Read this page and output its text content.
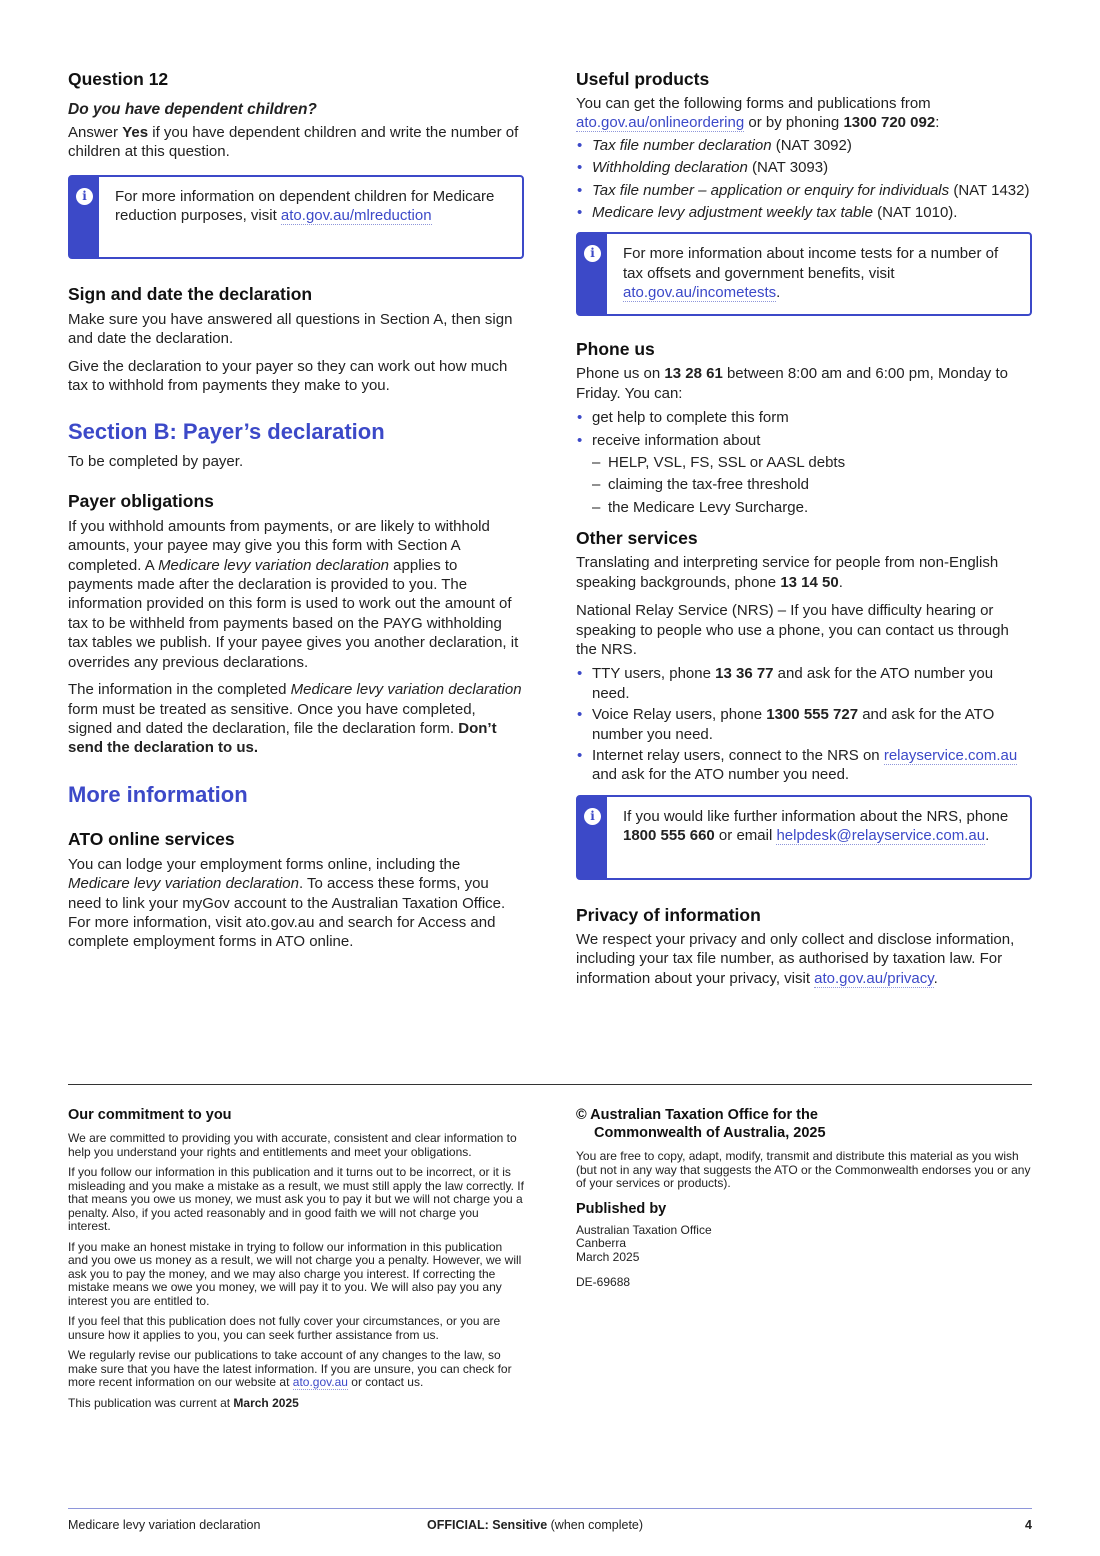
Question 12

Do you have dependent children?

Answer Yes if you have dependent children and write the number of children at this question.

i	For more information on dependent children for Medicare reduction purposes, visit ato.gov.au/mlreduction

Sign and date the declaration

Make sure you have answered all questions in Section A, then sign and date the declaration.

Give the declaration to your payer so they can work out how much tax to withhold from payments they make to you.

Section B: Payer’s declaration

To be completed by payer.

Payer obligations

If you withhold amounts from payments, or are likely to withhold amounts, your payee may give you this form with Section A completed. A Medicare levy variation declaration applies to payments made after the declaration is provided to you. The information provided on this form is used to work out the amount of tax to be withheld from payments based on the PAYG withholding tax tables we publish. If your payee gives you another declaration, it overrides any previous declarations.

The information in the completed Medicare levy variation declaration form must be treated as sensitive. Once you have completed, signed and dated the declaration, file the declaration form. Don’t send the declaration to us.

More information
ATO online services

You can lodge your employment forms online, including the Medicare levy variation declaration. To access these forms, you need to link your myGov account to the Australian Taxation Office. For more information, visit ato.gov.au and search for Access and complete employment forms in ATO online.

Useful products

You can get the following forms and publications from ato.gov.au/onlineordering or by phoning 1300 720 092:

• Tax file number declaration (NAT 3092)
• Withholding declaration (NAT 3093)
• Tax file number – application or enquiry for individuals (NAT 1432)
• Medicare levy adjustment weekly tax table (NAT 1010).
i	For more information about income tests for a number of tax offsets and government benefits, visit ato.gov.au/incometests.

Phone us

Phone us on 13 28 61 between 8:00 am and 6:00 pm, Monday to Friday. You can:

• get help to complete this form
• receive information about
– HELP, VSL, FS, SSL or AASL debts
– claiming the tax-free threshold
– the Medicare Levy Surcharge.
Other services

Translating and interpreting service for people from non-English speaking backgrounds, phone 13 14 50.

National Relay Service (NRS) – If you have difficulty hearing or speaking to people who use a phone, you can contact us through the NRS.

• TTY users, phone 13 36 77 and ask for the ATO number you need.
• Voice Relay users, phone 1300 555 727 and ask for the ATO number you need.
• Internet relay users, connect to the NRS on relayservice.com.au and ask for the ATO number you need.
i	If you would like further information about the NRS, phone 1800 555 660 or email helpdesk@relayservice.com.au.

Privacy of information

We respect your privacy and only collect and disclose information, including your tax file number, as authorised by taxation law. For information about your privacy, visit ato.gov.au/privacy.

Our commitment to you

We are committed to providing you with accurate, consistent and clear information to help you understand your rights and entitlements and meet your obligations.

If you follow our information in this publication and it turns out to be incorrect, or it is misleading and you make a mistake as a result, we must still apply the law correctly. If that means you owe us money, we must ask you to pay it but we will not charge you a penalty. Also, if you acted reasonably and in good faith we will not charge you interest.

If you make an honest mistake in trying to follow our information in this publication and you owe us money as a result, we will not charge you a penalty. However, we will ask you to pay the money, and we may also charge you interest. If correcting the mistake means we owe you money, we will pay it to you. We will also pay you any interest you are entitled to.

If you feel that this publication does not fully cover your circumstances, or you are unsure how it applies to you, you can seek further assistance from us.

We regularly revise our publications to take account of any changes to the law, so make sure that you have the latest information. If you are unsure, you can check for more recent information on our website at ato.gov.au or contact us.

This publication was current at March 2025

© Australian Taxation Office for the
Commonwealth of Australia, 2025

You are free to copy, adapt, modify, transmit and distribute this material as you wish (but not in any way that suggests the ATO or the Commonwealth endorses you or any of your services or products).

Published by

Australian Taxation Office
Canberra
March 2025

DE-69688

Medicare levy variation declaration	OFFICIAL: Sensitive (when complete)	4
